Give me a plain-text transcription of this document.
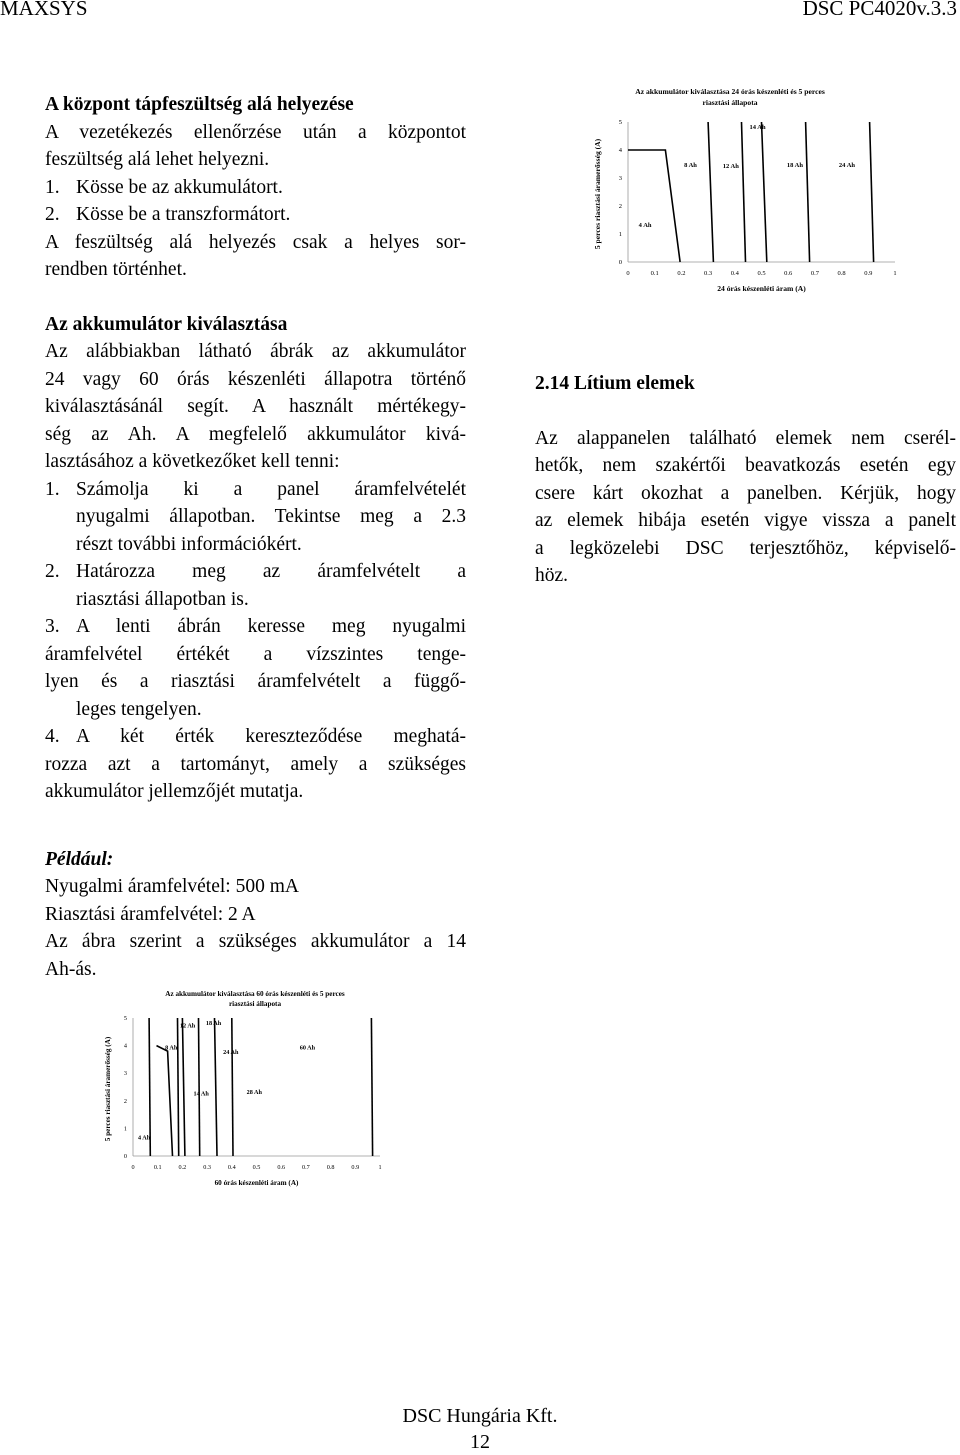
MAXSYS	DSC PC4020v.3.3

A központ tápfeszültség alá helyezése

A vezetékezés ellenőrzése után a központot

feszültség alá lehet helyezni.

1. Kösse be az akkumulátort.
2. Kösse be a transzformátort.

A feszültség alá helyezés csak a helyes sor-

rendben történhet.

Az akkumulátor kiválasztása

Az alábbiakban látható ábrák az akkumulátor

24 vagy 60 órás készenléti állapotra történő

kiválasztásánál segít. A használt mértékegy-

ség az Ah. A megfelelő akkumulátor kivá-

lasztásához a következőket kell tenni:

1. Számolja ki a panel áramfelvételét

nyugalmi állapotban. Tekintse meg a 2.3

részt további információkért.

2. Határozza meg az áramfelvételt a

riasztási állapotban is.

3. A lenti ábrán keresse meg nyugalmi

áramfelvétel értékét a vízszintes tenge-

lyen és a riasztási áramfelvételt a függő-

leges tengelyen.

4. A két érték kereszteződése meghatá-

rozza azt a tartományt, amely a szükséges

akkumulátor jellemzőjét mutatja.

Például:

Nyugalmi áramfelvétel: 500 mA

Riasztási áramfelvétel: 2 A

Az ábra szerint a szükséges akkumulátor a 14

Ah-ás.

2.14 Lítium elemek

Az alappanelen található elemek nem cserél-

hetők, nem szakértői beavatkozás esetén egy

csere kárt okozhat a panelben. Kérjük, hogy

az elemek hibája esetén vigye vissza a panelt

a legközelebi DSC terjesztőhöz, képviselő-

höz.

Az akkumulátor kiválasztása 24 órás készenléti és 5 perces
riasztási állapota
0
1
2
3
4
5
0	0.1	0.2	0.3	0.4	0.5	0.6	0.7	0.8	0.9	1
24 órás készenléti áram (A)
5 perces riasztási áramerősség (A)	4 Ah
8 Ah	12 Ah
14 Ah
18 Ah	24 Ah
Az akkumulátor kiválasztása 60 órás készenléti és 5 perces
riasztási állapota
0
1
2
3
4
5
0	0.1	0.2	0.3	0.4	0.5	0.6	0.7	0.8	0.9	1
60 órás készenléti áram (A)
5 perces riasztási áramerősség (A)	4 Ah
8 Ah
12 Ah
14 Ah
18 Ah
24 Ah
28 Ah
60 Ah
DSC Hungária Kft.
12
